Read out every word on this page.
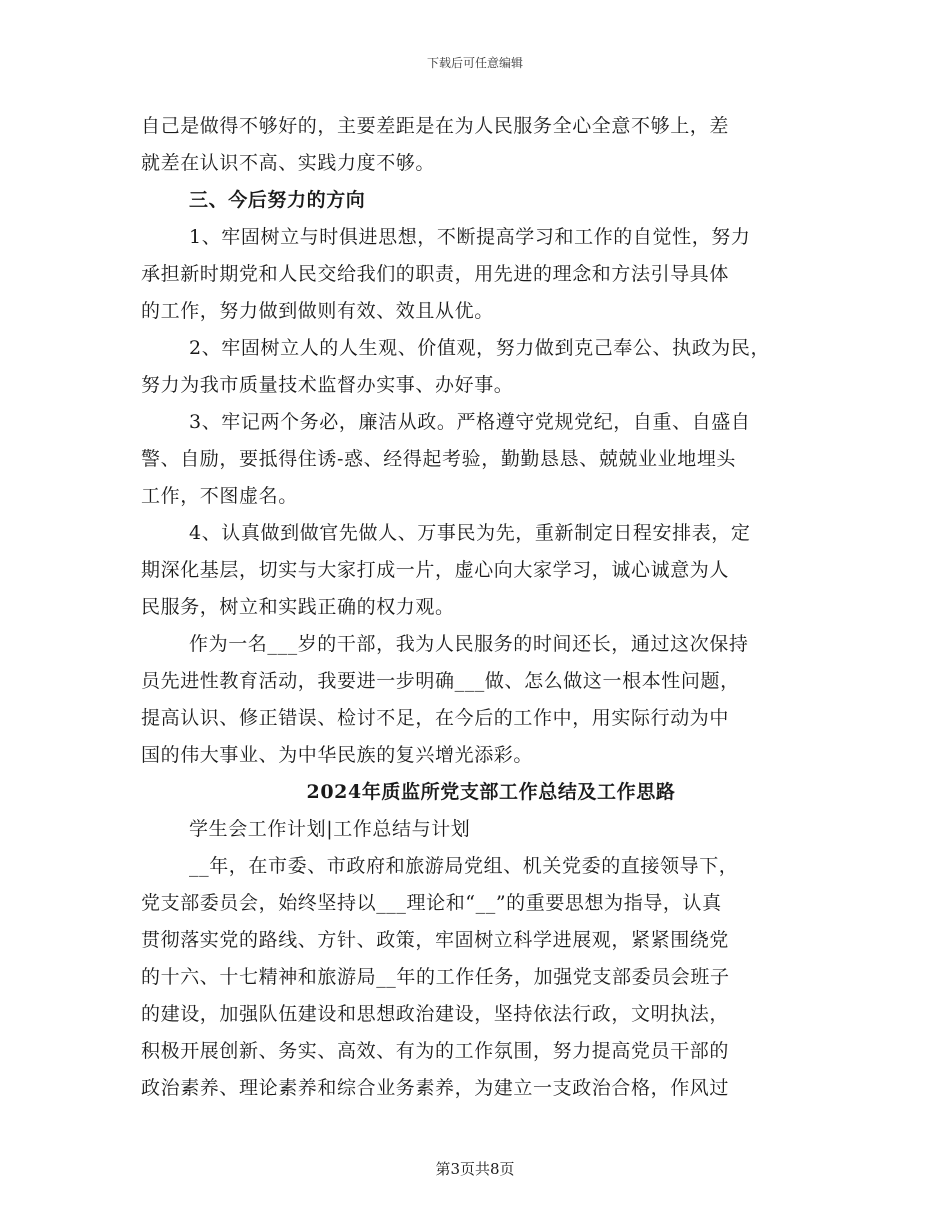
下载后可任意编辑
自己是做得不够好的，主要差距是在为人民服务全心全意不够上，差
就差在认识不高、实践力度不够。
三、今后努力的方向
1、牢固树立与时俱进思想，不断提高学习和工作的自觉性，努力
承担新时期党和人民交给我们的职责，用先进的理念和方法引导具体
的工作，努力做到做则有效、效且从优。
2、牢固树立人的人生观、价值观，努力做到克己奉公、执政为民，
努力为我市质量技术监督办实事、办好事。
3、牢记两个务必，廉洁从政。严格遵守党规党纪，自重、自盛自
警、自励，要抵得住诱-惑、经得起考验，勤勤恳恳、兢兢业业地埋头
工作，不图虚名。
4、认真做到做官先做人、万事民为先，重新制定日程安排表，定
期深化基层，切实与大家打成一片，虚心向大家学习，诚心诚意为人
民服务，树立和实践正确的权力观。
作为一名___岁的干部，我为人民服务的时间还长，通过这次保持
员先进性教育活动，我要进一步明确___做、怎么做这一根本性问题，
提高认识、修正错误、检讨不足，在今后的工作中，用实际行动为中
国的伟大事业、为中华民族的复兴增光添彩。
2024年质监所党支部工作总结及工作思路
学生会工作计划|工作总结与计划
__年，在市委、市政府和旅游局党组、机关党委的直接领导下，
党支部委员会，始终坚持以___理论和“__”的重要思想为指导，认真
贯彻落实党的路线、方针、政策，牢固树立科学进展观，紧紧围绕党
的十六、十七精神和旅游局__年的工作任务，加强党支部委员会班子
的建设，加强队伍建设和思想政治建设，坚持依法行政，文明执法，
积极开展创新、务实、高效、有为的工作氛围，努力提高党员干部的
政治素养、理论素养和综合业务素养，为建立一支政治合格，作风过
第3页共8页
